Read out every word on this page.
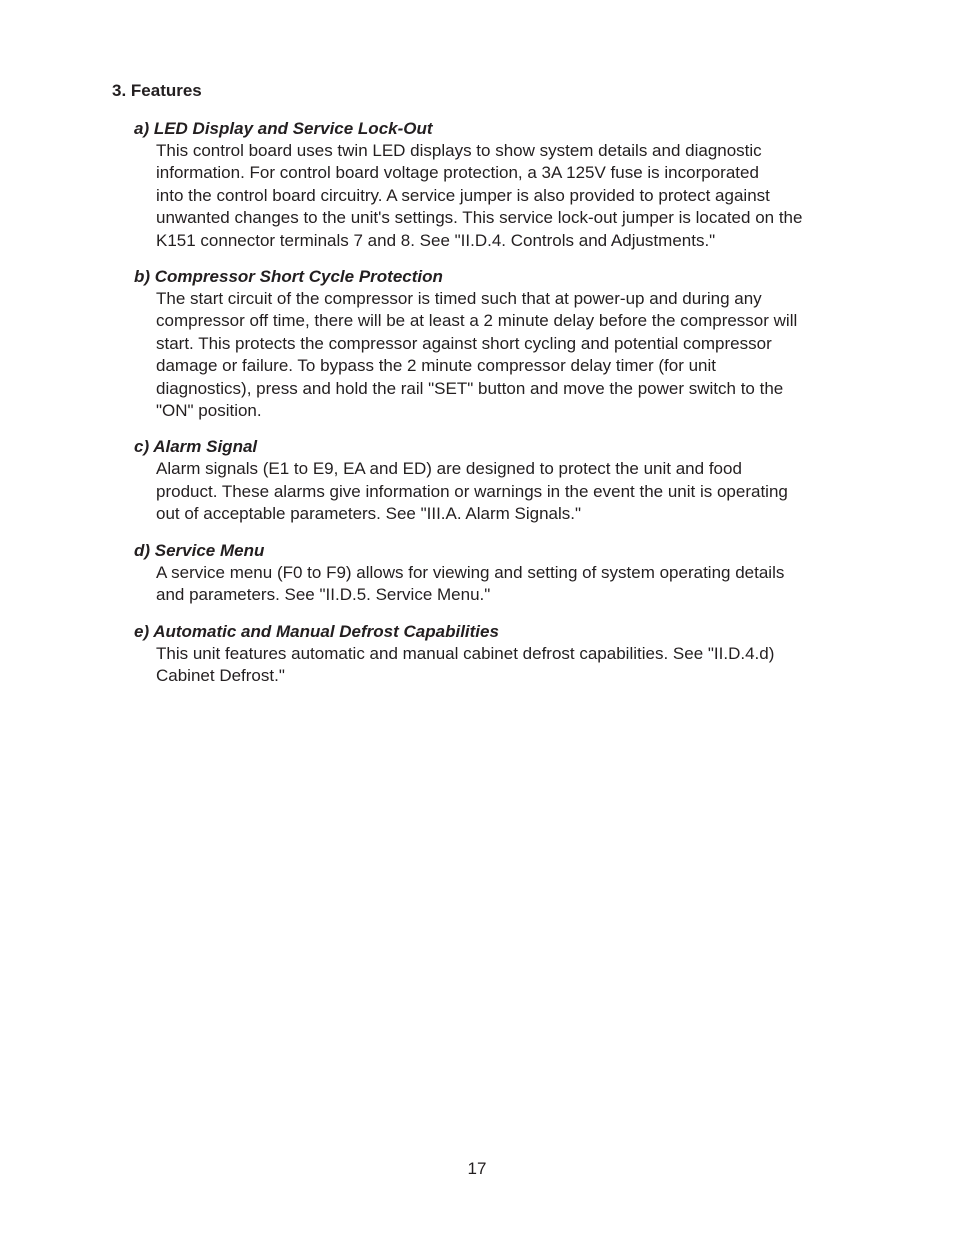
3. Features
a) LED Display and Service Lock-Out

This control board uses twin LED displays to show system details and diagnostic
information. For control board voltage protection, a 3A 125V fuse is incorporated
into the control board circuitry. A service jumper is also provided to protect against
unwanted changes to the unit's settings. This service lock-out jumper is located on the
K151 connector terminals 7 and 8. See "II.D.4. Controls and Adjustments."

b) Compressor Short Cycle Protection

The start circuit of the compressor is timed such that at power-up and during any
compressor off time, there will be at least a 2 minute delay before the compressor will
start. This protects the compressor against short cycling and potential compressor
damage or failure. To bypass the 2 minute compressor delay timer (for unit
diagnostics), press and hold the rail "SET" button and move the power switch to the
"ON" position.

c) Alarm Signal

Alarm signals (E1 to E9, EA and ED) are designed to protect the unit and food
product. These alarms give information or warnings in the event the unit is operating
out of acceptable parameters. See "III.A. Alarm Signals."

d) Service Menu

A service menu (F0 to F9) allows for viewing and setting of system operating details
and parameters. See "II.D.5. Service Menu."

e) Automatic and Manual Defrost Capabilities

This unit features automatic and manual cabinet defrost capabilities. See "II.D.4.d)
Cabinet Defrost."

17
